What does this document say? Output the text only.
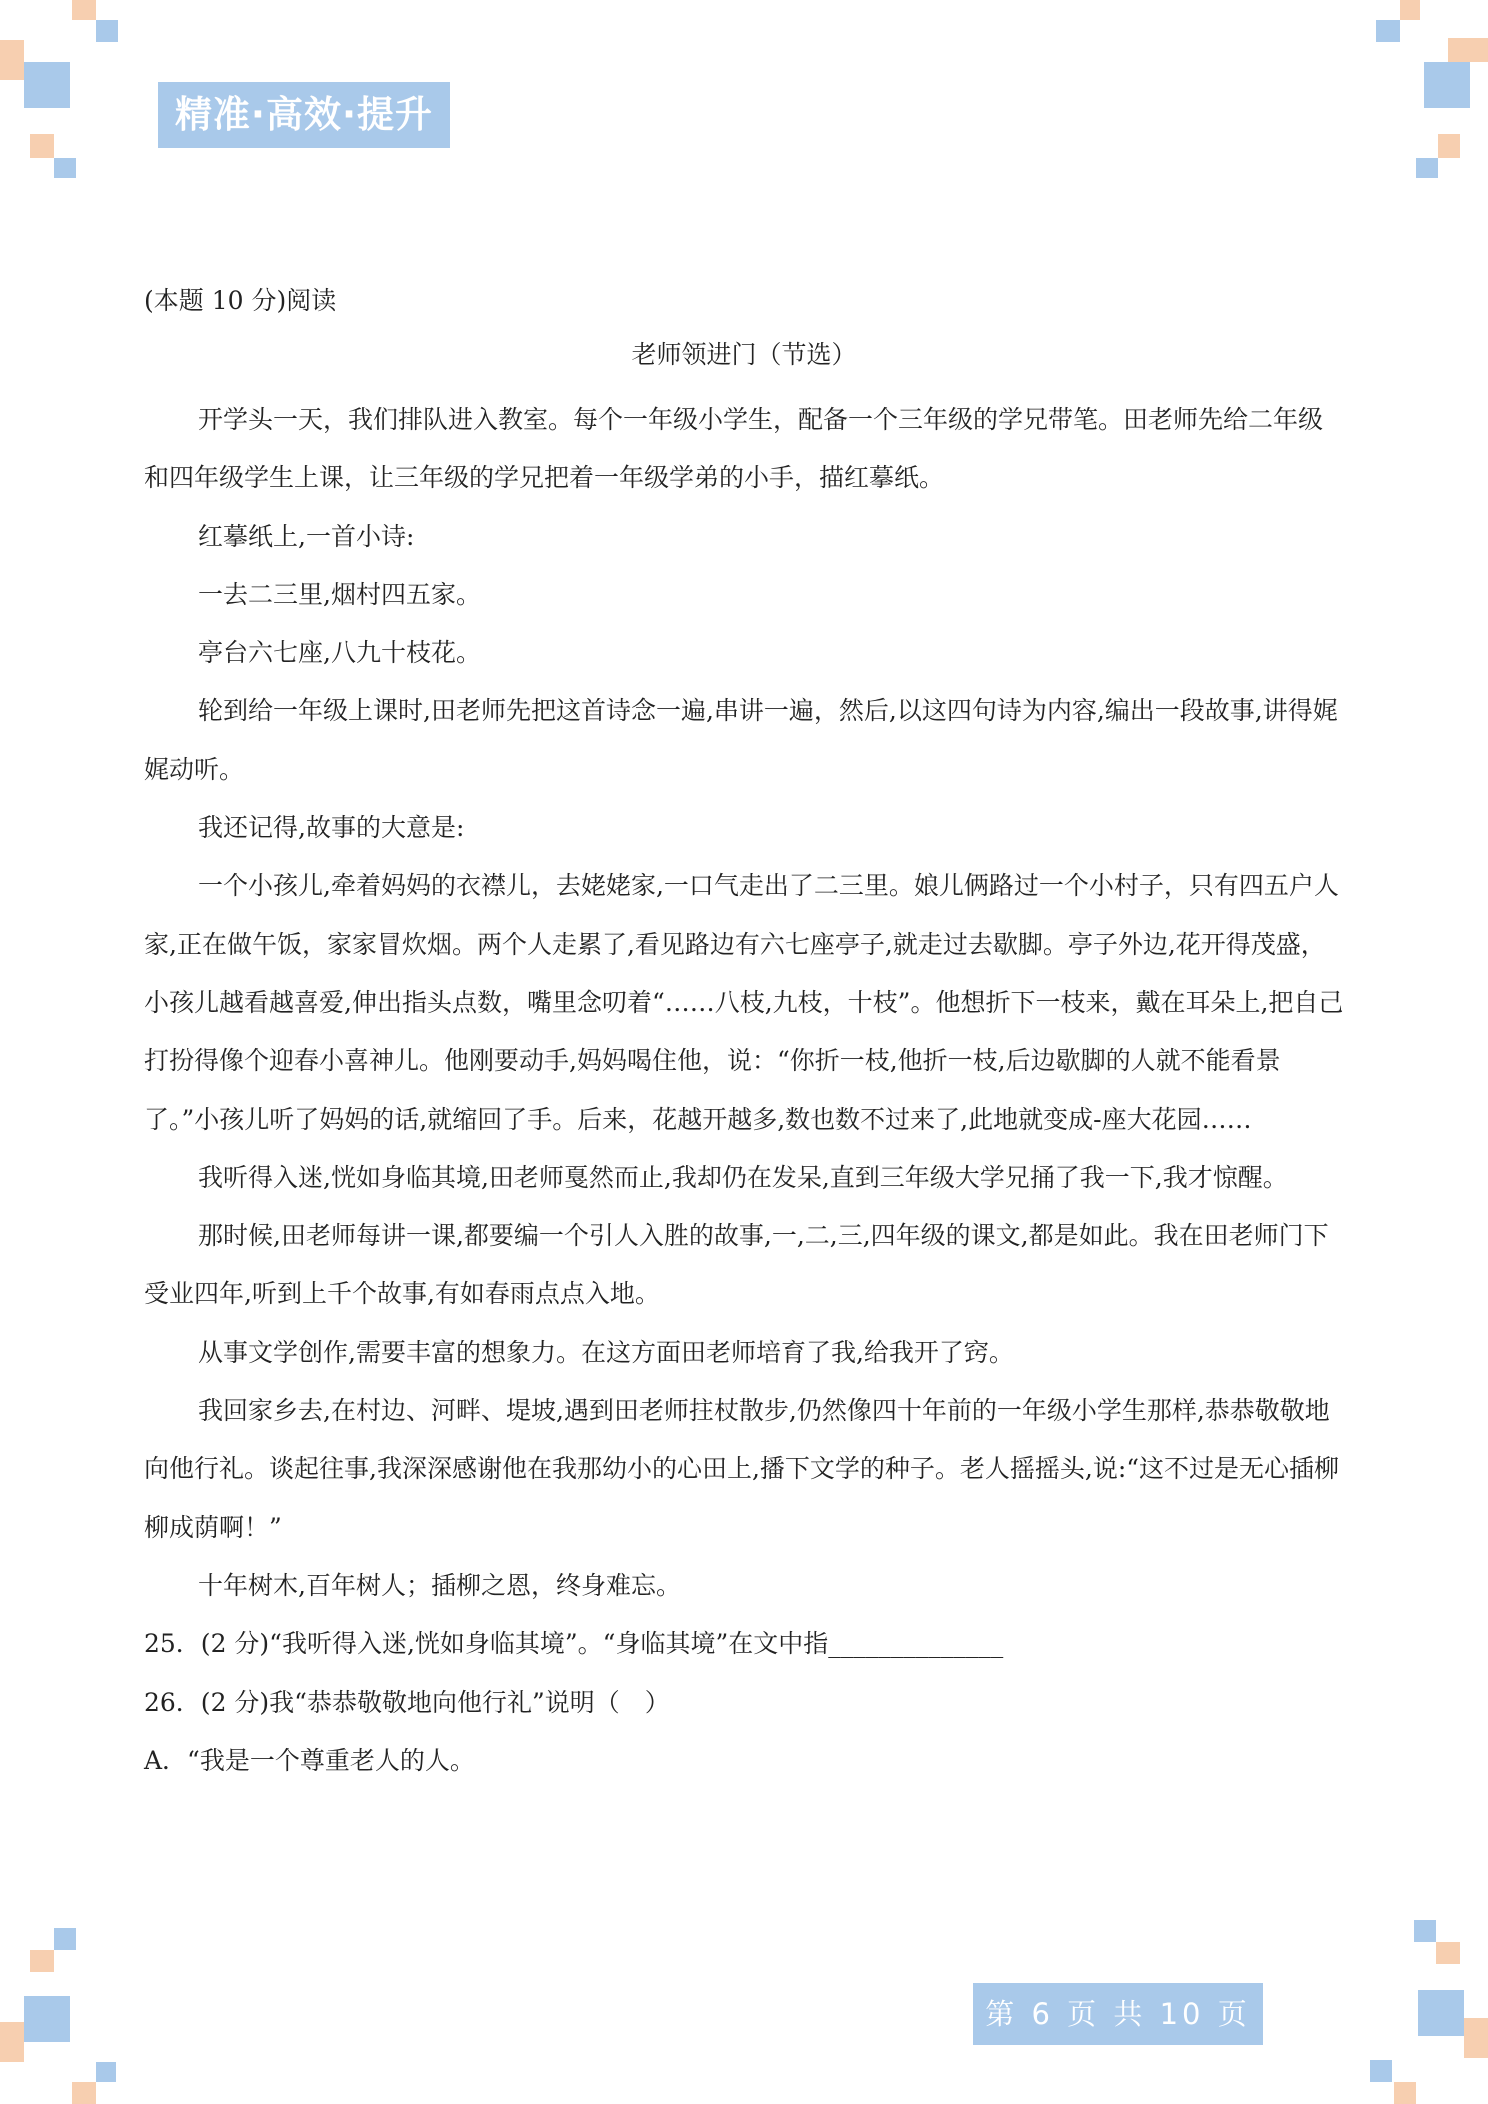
精准·高效·提升
(本题 10 分)阅读
老师领进门（节选）

开学头一天，我们排队进入教室。每个一年级小学生，配备一个三年级的学兄带笔。田老师先给二年级和四年级学生上课，让三年级的学兄把着一年级学弟的小手，描红摹纸。

红摹纸上,一首小诗:

一去二三里,烟村四五家。

亭台六七座,八九十枝花。

轮到给一年级上课时,田老师先把这首诗念一遍,串讲一遍，然后,以这四句诗为内容,编出一段故事,讲得娓娓动听。

我还记得,故事的大意是:

一个小孩儿,牵着妈妈的衣襟儿，去姥姥家,一口气走出了二三里。娘儿俩路过一个小村子，只有四五户人家,正在做午饭，家家冒炊烟。两个人走累了,看见路边有六七座亭子,就走过去歇脚。亭子外边,花开得茂盛，小孩儿越看越喜爱,伸出指头点数，嘴里念叨着“……八枝,九枝，十枝”。他想折下一枝来，戴在耳朵上,把自己打扮得像个迎春小喜神儿。他刚要动手,妈妈喝住他，说：“你折一枝,他折一枝,后边歇脚的人就不能看景了。”小孩儿听了妈妈的话,就缩回了手。后来，花越开越多,数也数不过来了,此地就变成-座大花园……

我听得入迷,恍如身临其境,田老师戛然而止,我却仍在发呆,直到三年级大学兄捅了我一下,我才惊醒。

那时候,田老师每讲一课,都要编一个引人入胜的故事,一,二,三,四年级的课文,都是如此。我在田老师门下受业四年,听到上千个故事,有如春雨点点入地。

从事文学创作,需要丰富的想象力。在这方面田老师培育了我,给我开了窍。

我回家乡去,在村边、河畔、堤坡,遇到田老师拄杖散步,仍然像四十年前的一年级小学生那样,恭恭敬敬地向他行礼。谈起往事,我深深感谢他在我那幼小的心田上,播下文学的种子。老人摇摇头,说:“这不过是无心插柳柳成荫啊！”

十年树木,百年树人；插柳之恩，终身难忘。

25．(2 分)“我听得入迷,恍如身临其境”。“身临其境”在文中指______________

26．(2 分)我“恭恭敬敬地向他行礼”说明（　）

A．“我是一个尊重老人的人。

第 6 页 共 10 页
